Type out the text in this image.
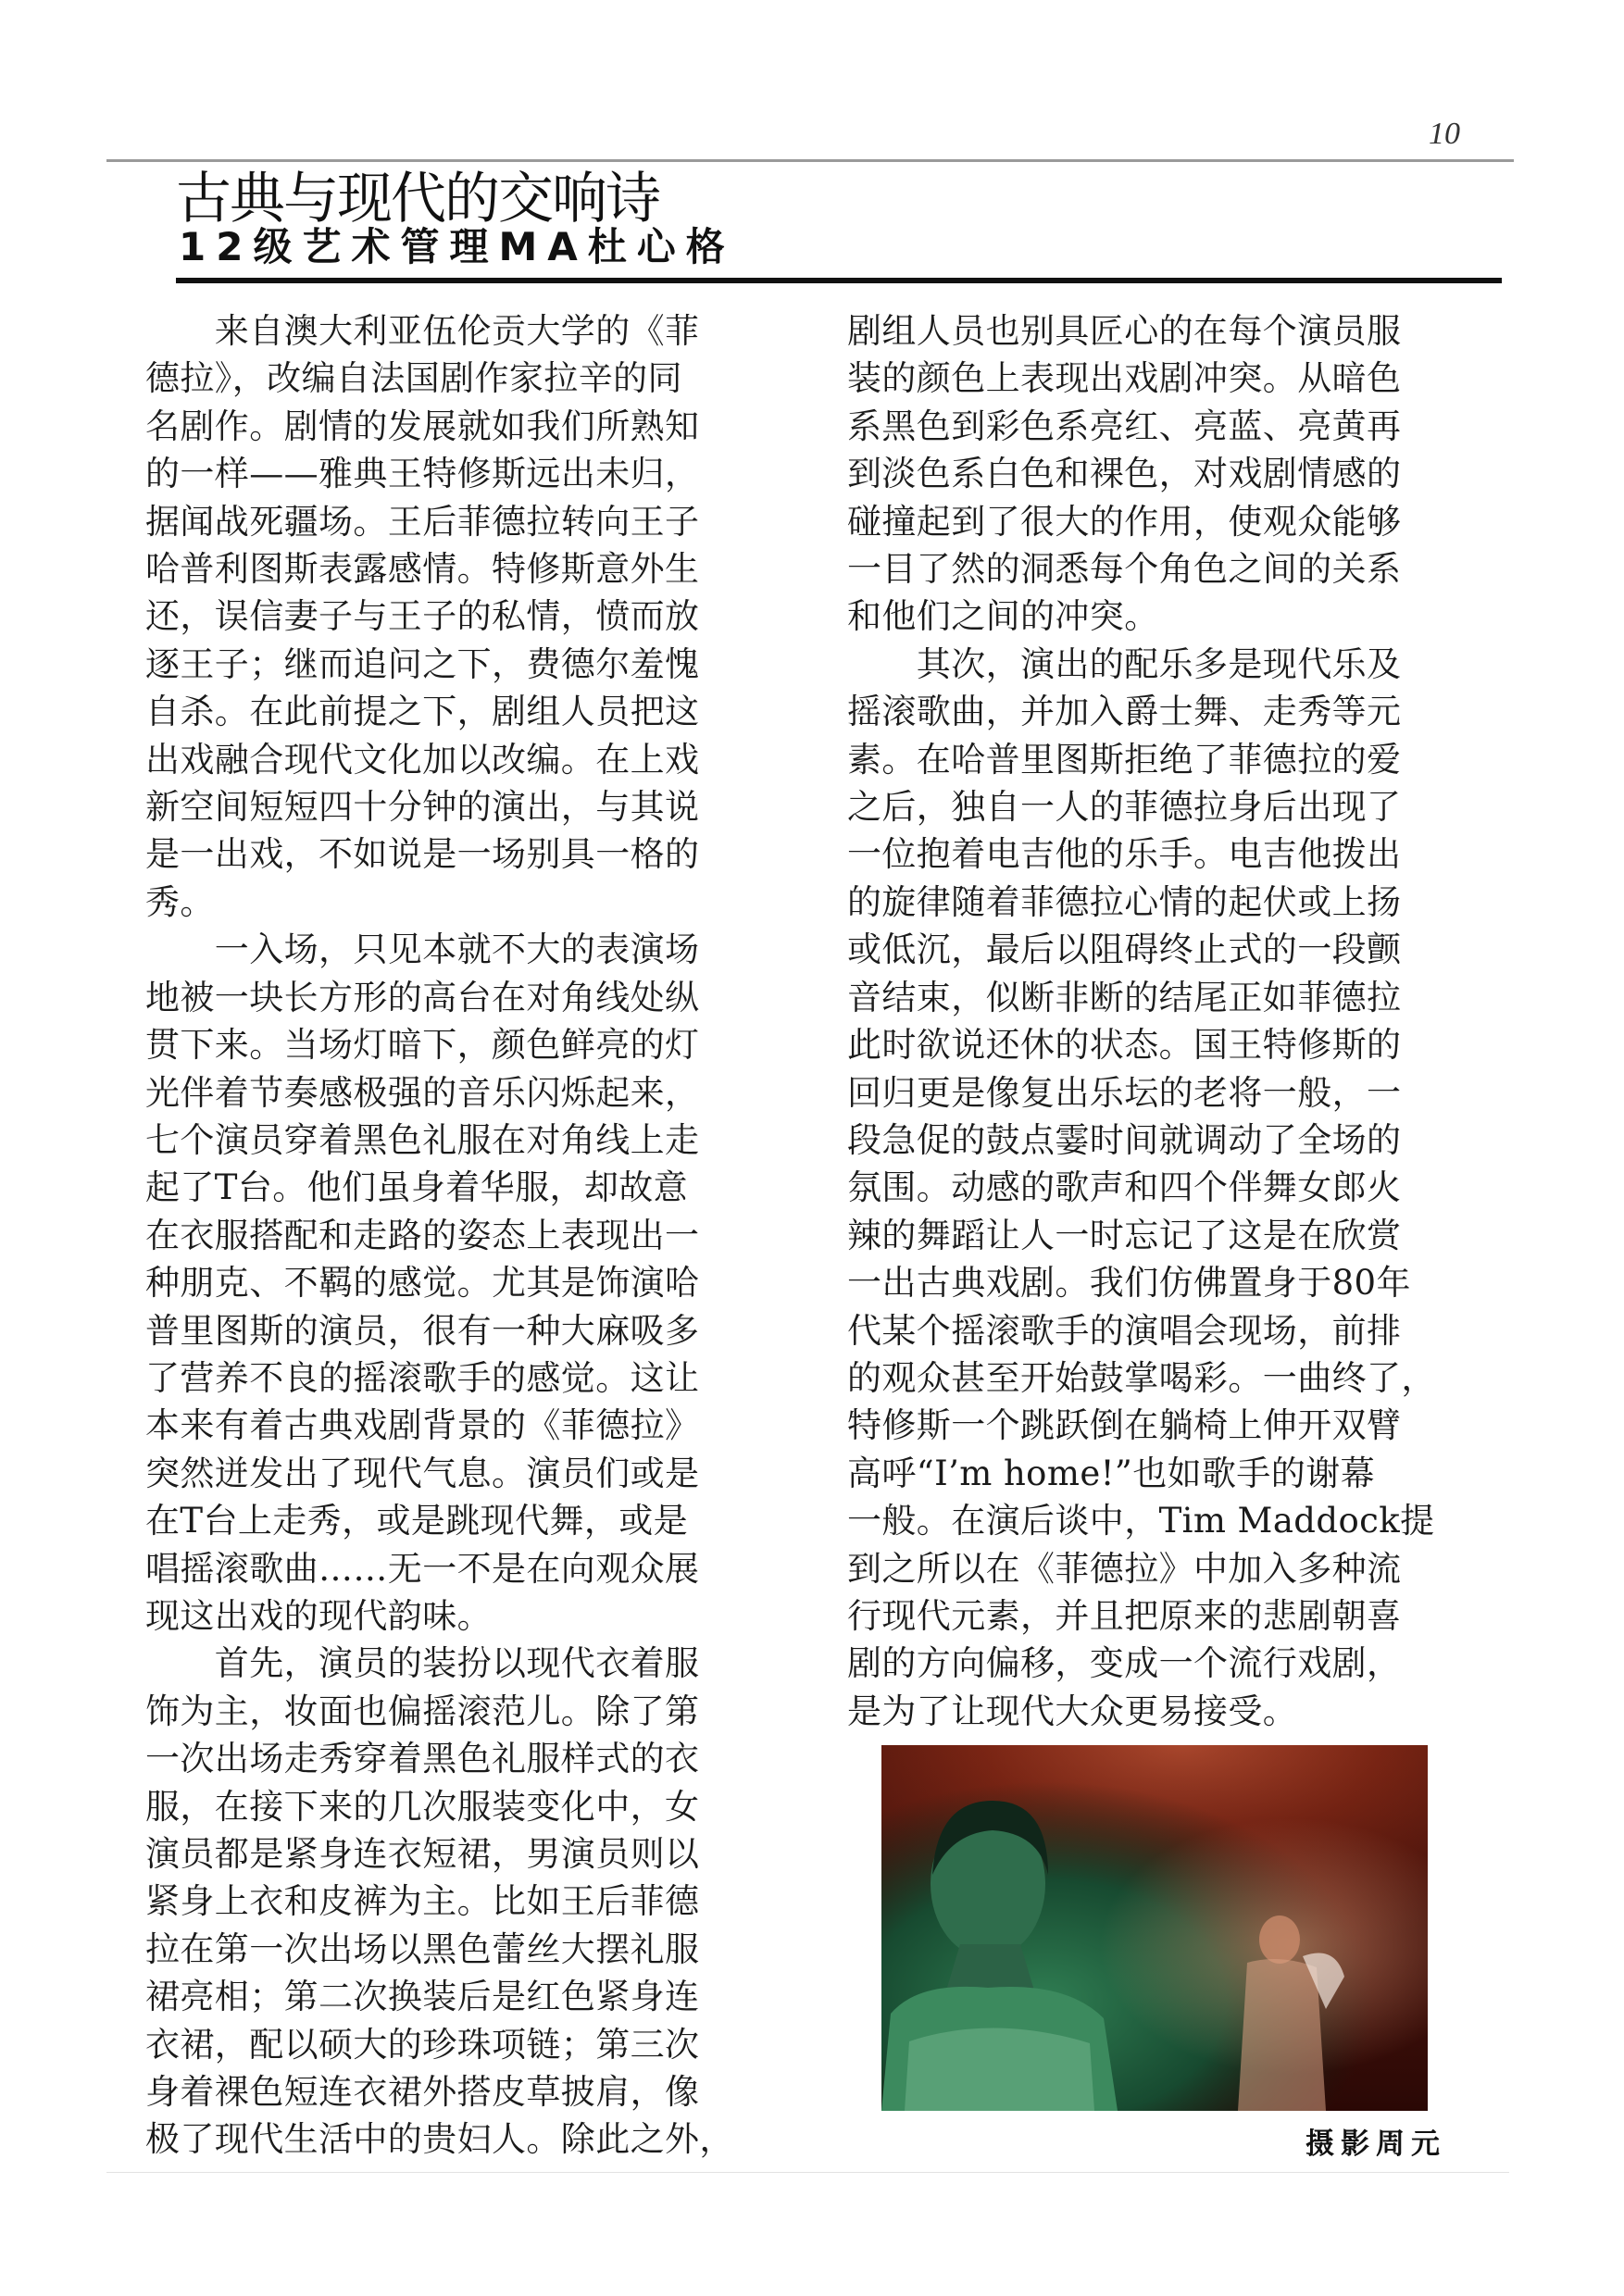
10
古典与现代的交响诗
12级艺术管理MA杜心格

　　来自澳大利亚伍伦贡大学的《菲
德拉》，改编自法国剧作家拉辛的同
名剧作。剧情的发展就如我们所熟知
的一样——雅典王特修斯远出未归，
据闻战死疆场。王后菲德拉转向王子
哈普利图斯表露感情。特修斯意外生
还，误信妻子与王子的私情，愤而放
逐王子；继而追问之下，费德尔羞愧
自杀。在此前提之下，剧组人员把这
出戏融合现代文化加以改编。在上戏
新空间短短四十分钟的演出，与其说
是一出戏，不如说是一场别具一格的
秀。

　　一入场，只见本就不大的表演场
地被一块长方形的高台在对角线处纵
贯下来。当场灯暗下，颜色鲜亮的灯
光伴着节奏感极强的音乐闪烁起来，
七个演员穿着黑色礼服在对角线上走
起了T台。他们虽身着华服，却故意
在衣服搭配和走路的姿态上表现出一
种朋克、不羁的感觉。尤其是饰演哈
普里图斯的演员，很有一种大麻吸多
了营养不良的摇滚歌手的感觉。这让
本来有着古典戏剧背景的《菲德拉》
突然迸发出了现代气息。演员们或是
在T台上走秀，或是跳现代舞，或是
唱摇滚歌曲……无一不是在向观众展
现这出戏的现代韵味。

　　首先，演员的装扮以现代衣着服
饰为主，妆面也偏摇滚范儿。除了第
一次出场走秀穿着黑色礼服样式的衣
服，在接下来的几次服装变化中，女
演员都是紧身连衣短裙，男演员则以
紧身上衣和皮裤为主。比如王后菲德
拉在第一次出场以黑色蕾丝大摆礼服
裙亮相；第二次换装后是红色紧身连
衣裙，配以硕大的珍珠项链；第三次
身着裸色短连衣裙外搭皮草披肩，像
极了现代生活中的贵妇人。除此之外，

剧组人员也别具匠心的在每个演员服
装的颜色上表现出戏剧冲突。从暗色
系黑色到彩色系亮红、亮蓝、亮黄再
到淡色系白色和裸色，对戏剧情感的
碰撞起到了很大的作用，使观众能够
一目了然的洞悉每个角色之间的关系
和他们之间的冲突。

　　其次，演出的配乐多是现代乐及
摇滚歌曲，并加入爵士舞、走秀等元
素。在哈普里图斯拒绝了菲德拉的爱
之后，独自一人的菲德拉身后出现了
一位抱着电吉他的乐手。电吉他拨出
的旋律随着菲德拉心情的起伏或上扬
或低沉，最后以阻碍终止式的一段颤
音结束，似断非断的结尾正如菲德拉
此时欲说还休的状态。国王特修斯的
回归更是像复出乐坛的老将一般，一
段急促的鼓点霎时间就调动了全场的
氛围。动感的歌声和四个伴舞女郎火
辣的舞蹈让人一时忘记了这是在欣赏
一出古典戏剧。我们仿佛置身于80年
代某个摇滚歌手的演唱会现场，前排
的观众甚至开始鼓掌喝彩。一曲终了，
特修斯一个跳跃倒在躺椅上伸开双臂
高呼“I’m home!”也如歌手的谢幕
一般。在演后谈中，Tim Maddock提
到之所以在《菲德拉》中加入多种流
行现代元素，并且把原来的悲剧朝喜
剧的方向偏移，变成一个流行戏剧，
是为了让现代大众更易接受。

摄影周元
